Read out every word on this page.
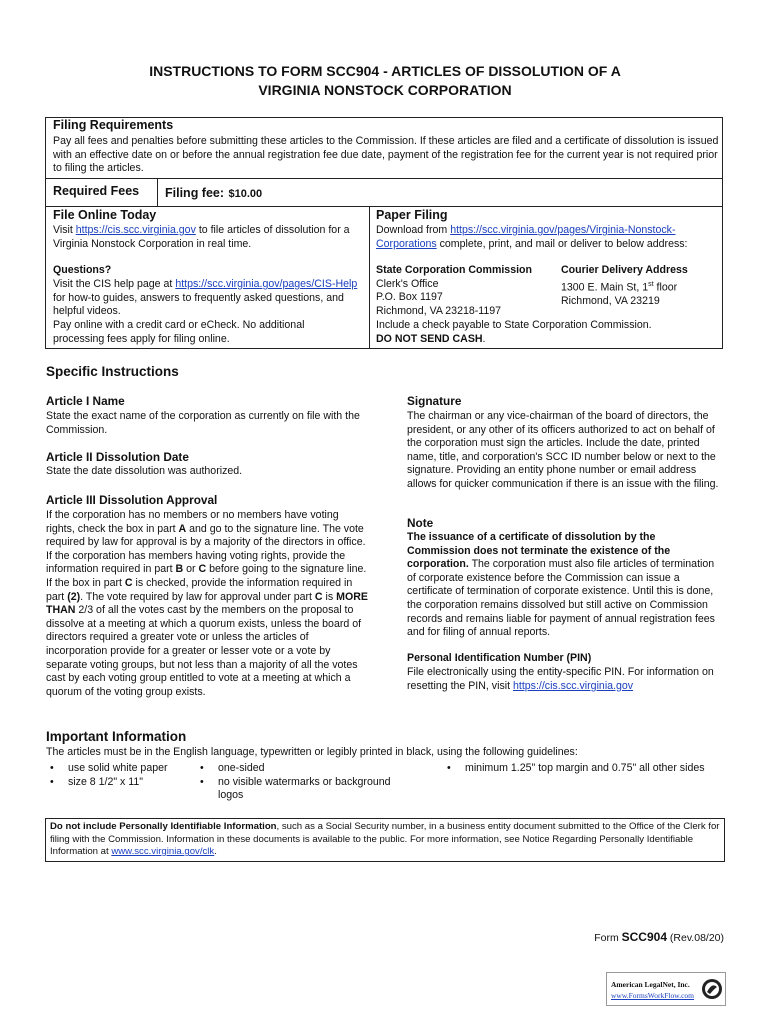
INSTRUCTIONS TO FORM SCC904 - ARTICLES OF DISSOLUTION OF A
VIRGINIA NONSTOCK CORPORATION
Filing Requirements
Pay all fees and penalties before submitting these articles to the Commission. If these articles are filed and a certificate of dissolution is issued with an effective date on or before the annual registration fee due date, payment of the registration fee for the current year is not required prior to filing the articles.
Required Fees Filing fee: $10.00
File Online Today
Visit https://cis.scc.virginia.gov to file articles of dissolution for a Virginia Nonstock Corporation in real time.
Questions?
Visit the CIS help page at https://scc.virginia.gov/pages/CIS-Help for how-to guides, answers to frequently asked questions, and helpful videos.
Pay online with a credit card or eCheck. No additional processing fees apply for filing online.
Paper Filing
Download from https://scc.virginia.gov/pages/Virginia-Nonstock-Corporations complete, print, and mail or deliver to below address:
State Corporation Commission
Clerk's Office
P.O. Box 1197
Richmond, VA 23218-1197
Courier Delivery Address
1300 E. Main St, 1st floor
Richmond, VA 23219
Include a check payable to State Corporation Commission.
DO NOT SEND CASH.
Specific Instructions
Article I Name
State the exact name of the corporation as currently on file with the Commission.
Article II Dissolution Date
State the date dissolution was authorized.
Article III Dissolution Approval
If the corporation has no members or no members have voting rights, check the box in part A and go to the signature line. The vote required by law for approval is by a majority of the directors in office. If the corporation has members having voting rights, provide the information required in part B or C before going to the signature line. If the box in part C is checked, provide the information required in part (2). The vote required by law for approval under part C is MORE THAN 2/3 of all the votes cast by the members on the proposal to dissolve at a meeting at which a quorum exists, unless the board of directors required a greater vote or unless the articles of incorporation provide for a greater or lesser vote or a vote by separate voting groups, but not less than a majority of all the votes cast by each voting group entitled to vote at a meeting at which a quorum of the voting group exists.
Signature
The chairman or any vice-chairman of the board of directors, the president, or any other of its officers authorized to act on behalf of the corporation must sign the articles. Include the date, printed name, title, and corporation's SCC ID number below or next to the signature. Providing an entity phone number or email address allows for quicker communication if there is an issue with the filing.
Note
The issuance of a certificate of dissolution by the Commission does not terminate the existence of the corporation. The corporation must also file articles of termination of corporate existence before the Commission can issue a certificate of termination of corporate existence. Until this is done, the corporation remains dissolved but still active on Commission records and remains liable for payment of annual registration fees and for filing of annual reports.
Personal Identification Number (PIN)
File electronically using the entity-specific PIN. For information on resetting the PIN, visit https://cis.scc.virginia.gov
Important Information
The articles must be in the English language, typewritten or legibly printed in black, using the following guidelines:
• use solid white paper
• size 8 1/2" x 11"
• one-sided
• no visible watermarks or background logos
• minimum 1.25" top margin and 0.75" all other sides
Do not include Personally Identifiable Information, such as a Social Security number, in a business entity document submitted to the Office of the Clerk for filing with the Commission. Information in these documents is available to the public. For more information, see Notice Regarding Personally Identifiable Information at www.scc.virginia.gov/clk.
Form SCC904 (Rev.08/20)
American LegalNet, Inc.
www.FormsWorkFlow.com
